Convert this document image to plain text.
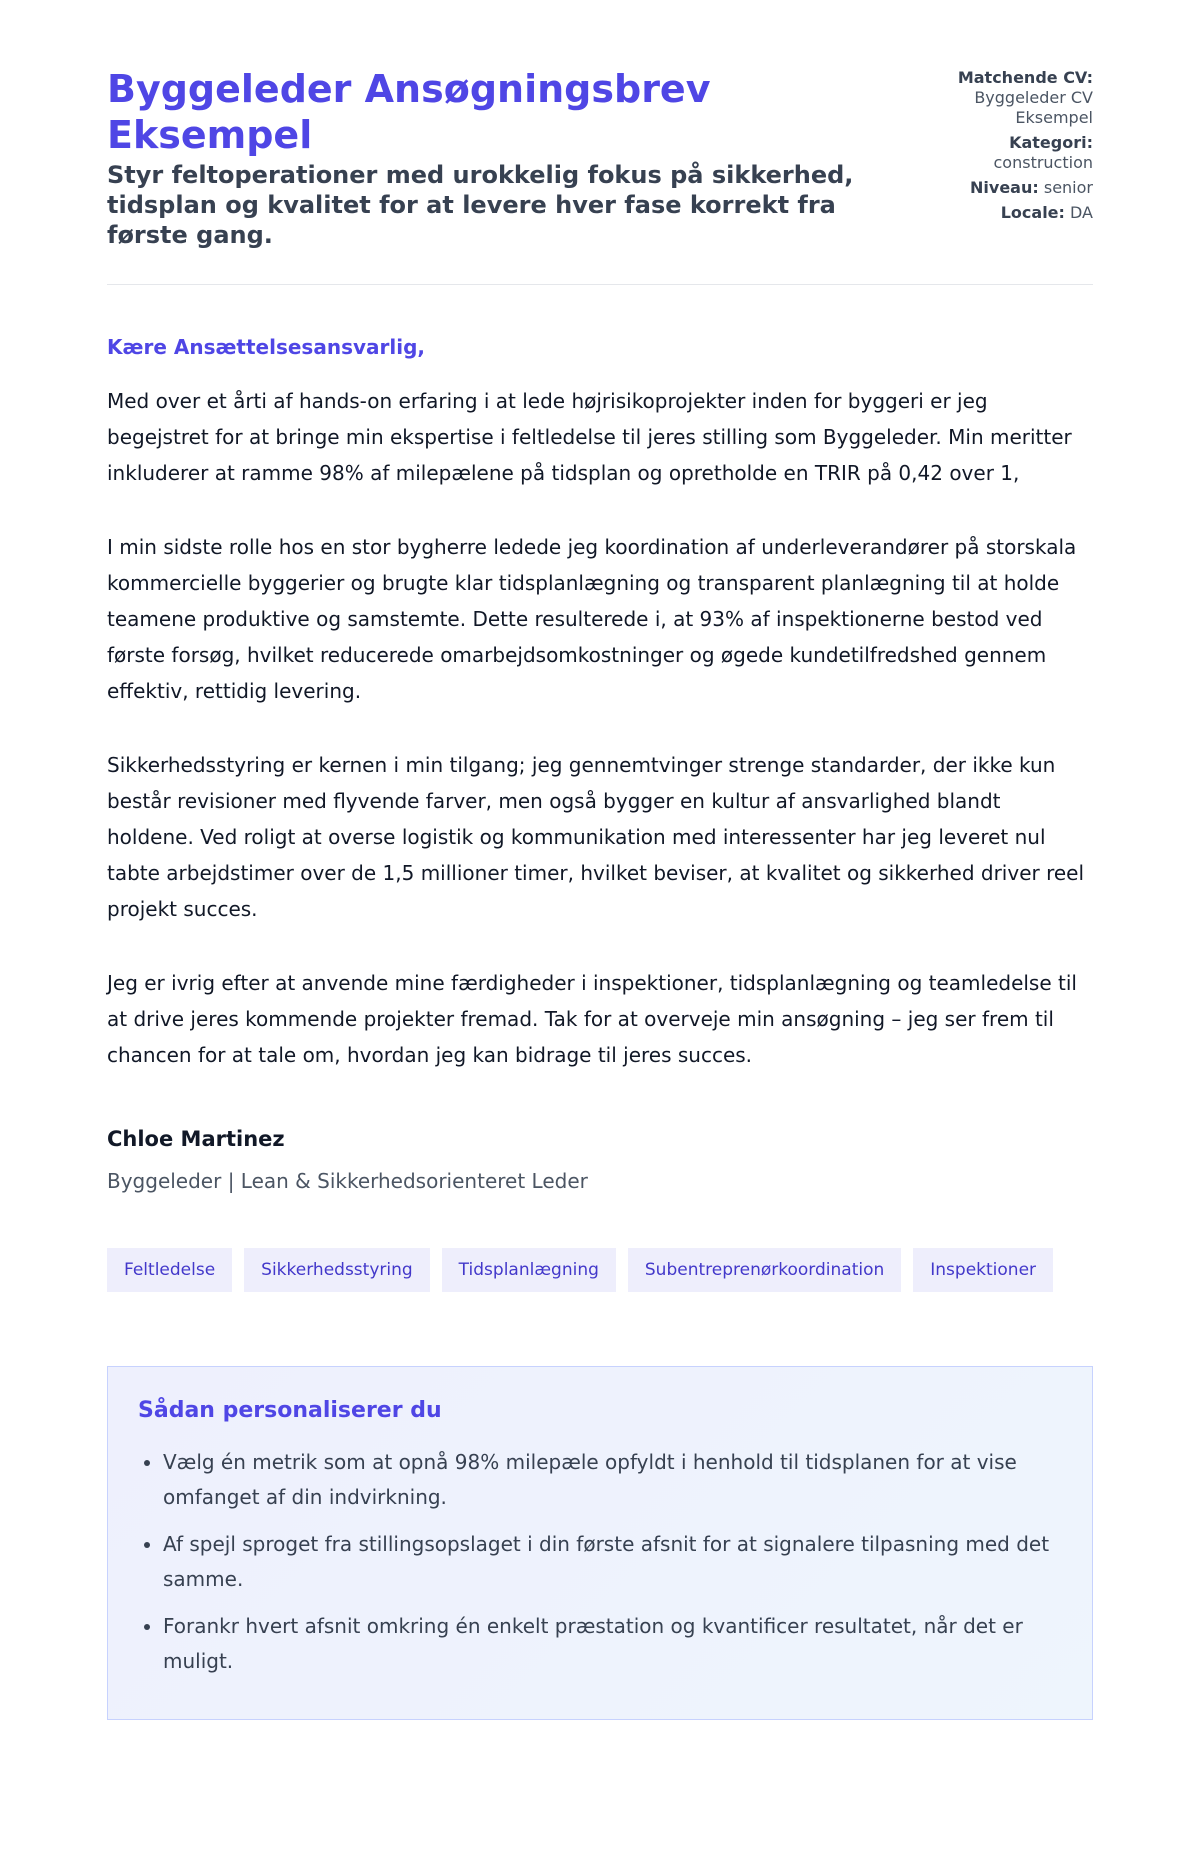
Byggeleder Ansøgningsbrev Eksempel
Styr feltoperationer med urokkelig fokus på sikkerhed, tidsplan og kvalitet for at levere hver fase korrekt fra første gang.
Matchende CV:
Byggeleder CV Eksempel
Kategori:
construction
Niveau: senior
Locale: DA
Kære Ansættelsesansvarlig,

Med over et årti af hands-on erfaring i at lede højrisikoprojekter inden for byggeri er jeg begejstret for at bringe min ekspertise i feltledelse til jeres stilling som Byggeleder. Min meritter inkluderer at ramme 98% af milepælene på tidsplan og opretholde en TRIR på 0,42 over 1,

I min sidste rolle hos en stor bygherre ledede jeg koordination af underleverandører på storskala kommercielle byggerier og brugte klar tidsplanlægning og transparent planlægning til at holde teamene produktive og samstemte. Dette resulterede i, at 93% af inspektionerne bestod ved første forsøg, hvilket reducerede omarbejdsomkostninger og øgede kundetilfredshed gennem effektiv, rettidig levering.

Sikkerhedsstyring er kernen i min tilgang; jeg gennemtvinger strenge standarder, der ikke kun består revisioner med flyvende farver, men også bygger en kultur af ansvarlighed blandt holdene. Ved roligt at overse logistik og kommunikation med interessenter har jeg leveret nul tabte arbejdstimer over de 1,5 millioner timer, hvilket beviser, at kvalitet og sikkerhed driver reel projekt succes.

Jeg er ivrig efter at anvende mine færdigheder i inspektioner, tidsplanlægning og teamledelse til at drive jeres kommende projekter fremad. Tak for at overveje min ansøgning – jeg ser frem til chancen for at tale om, hvordan jeg kan bidrage til jeres succes.

Chloe Martinez
Byggeleder | Lean & Sikkerhedsorienteret Leder
Feltledelse	Sikkerhedsstyring	Tidsplanlægning	Subentreprenørkoordination	Inspektioner
Sådan personaliserer du
• Vælg én metrik som at opnå 98% milepæle opfyldt i henhold til tidsplanen for at vise omfanget af din indvirkning.
• Af spejl sproget fra stillingsopslaget i din første afsnit for at signalere tilpasning med det samme.
• Forankr hvert afsnit omkring én enkelt præstation og kvantificer resultatet, når det er muligt.
